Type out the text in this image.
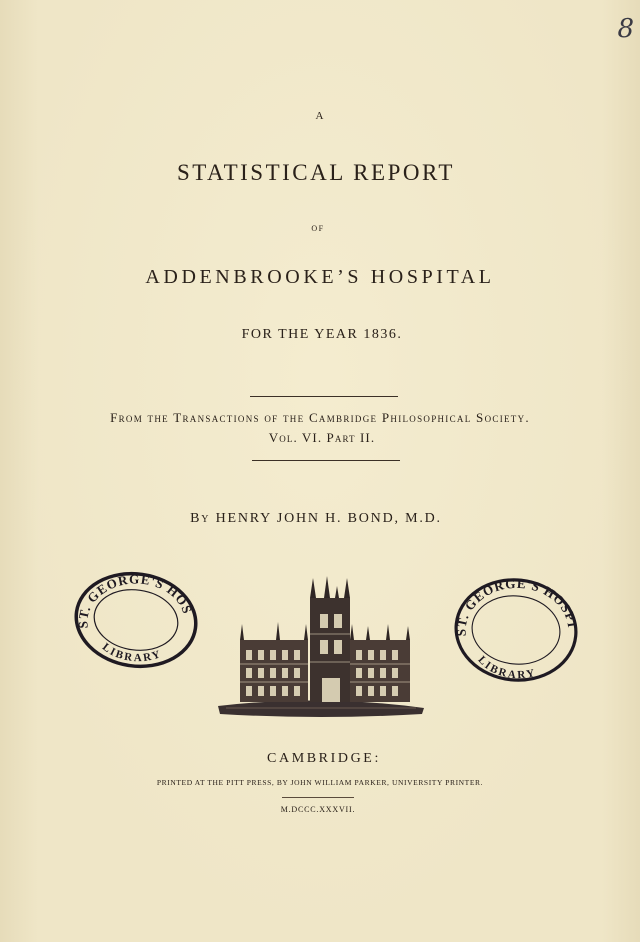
8
A
STATISTICAL REPORT
OF
ADDENBROOKE’S HOSPITAL
FOR THE YEAR 1836.
From the Transactions of the Cambridge Philosophical Society.
Vol. VI. Part II.
By HENRY JOHN H. BOND, M.D.
ST. GEORGE'S HOS
LIBRARY
ST. GEORGE'S HOSPI
LIBRARY
CAMBRIDGE:
PRINTED AT THE PITT PRESS, BY JOHN WILLIAM PARKER, UNIVERSITY PRINTER.
M.DCCC.XXXVII.
